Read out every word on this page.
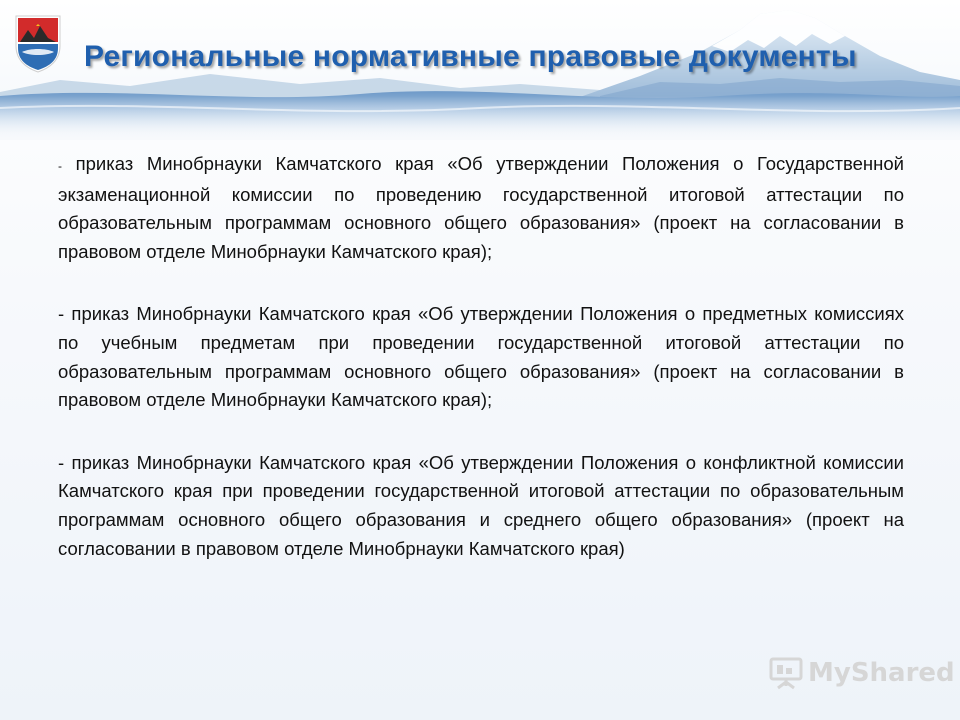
Региональные нормативные правовые документы

- приказ Минобрнауки Камчатского края «Об утверждении Положения о Государственной экзаменационной комиссии по проведению государственной итоговой аттестации по образовательным программам основного общего образования» (проект на согласовании в правовом отделе Минобрнауки Камчатского края);

- приказ Минобрнауки Камчатского края «Об утверждении Положения о предметных комиссиях по учебным предметам при проведении государственной итоговой аттестации по образовательным программам основного общего образования» (проект на согласовании в правовом отделе Минобрнауки Камчатского края);

- приказ Минобрнауки Камчатского края «Об утверждении Положения о конфликтной комиссии Камчатского края при проведении государственной итоговой аттестации по образовательным программам основного общего образования и среднего общего образования» (проект на согласовании в правовом отделе Минобрнауки Камчатского края)

MyShared
